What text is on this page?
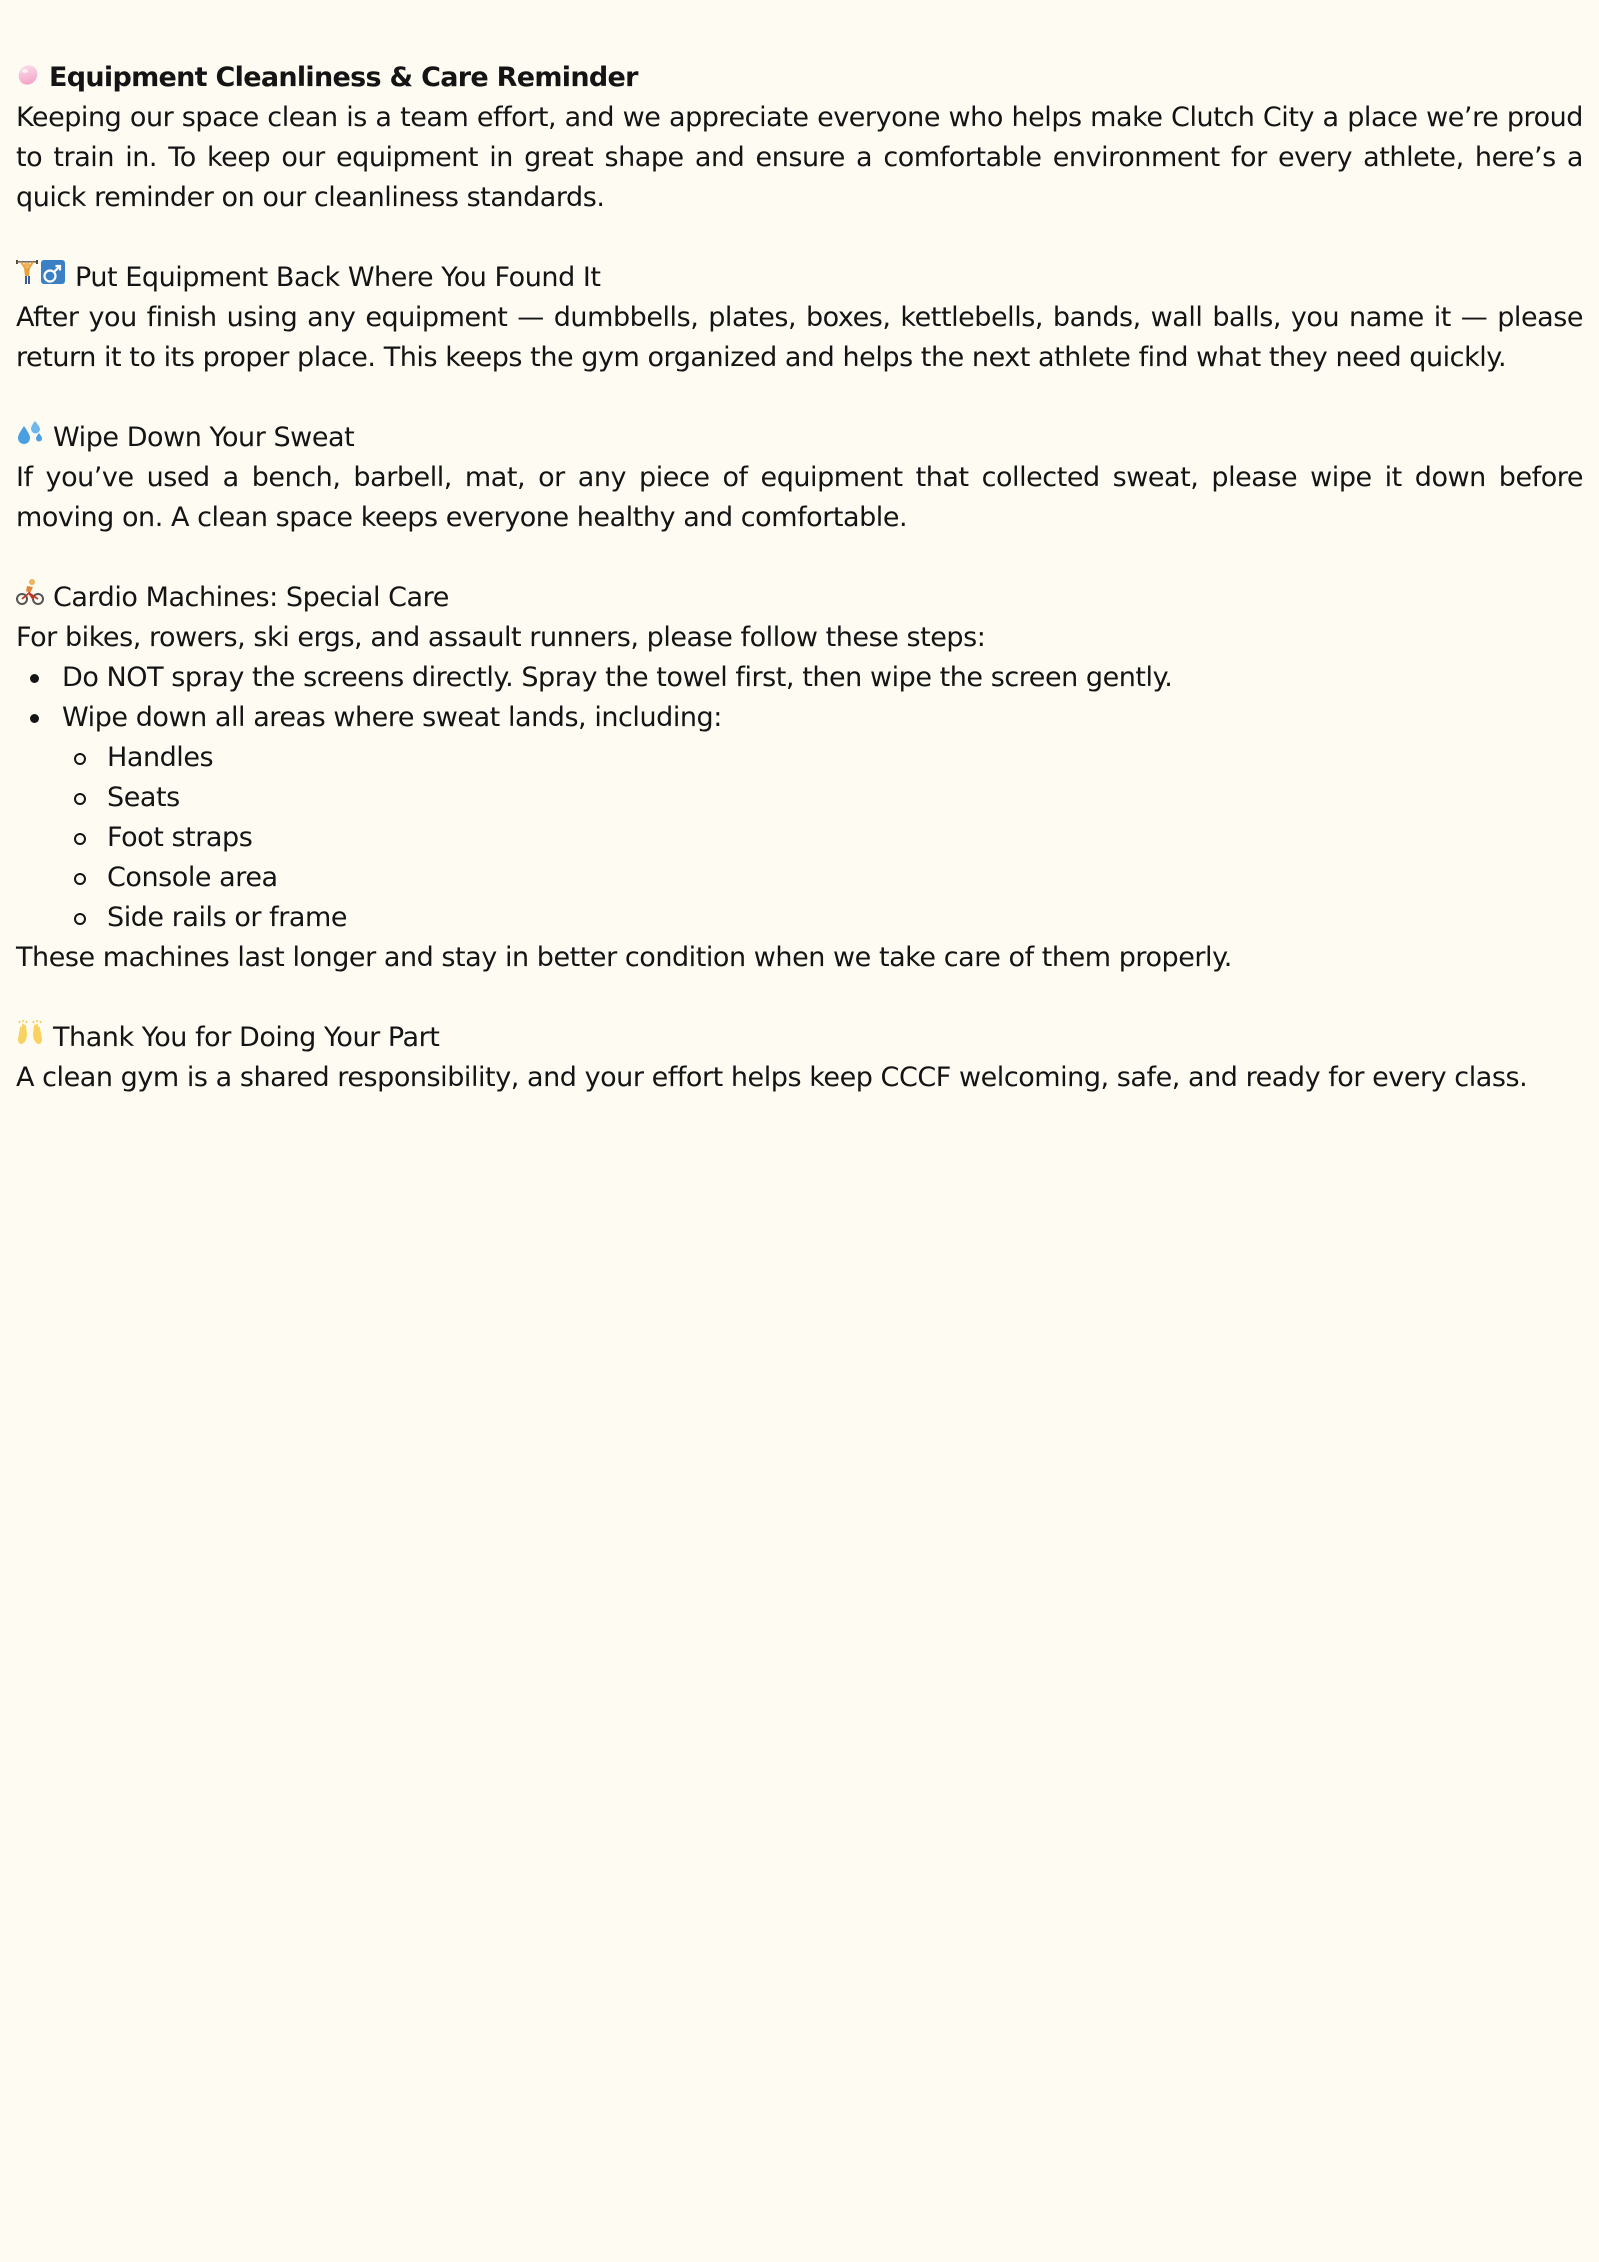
Equipment Cleanliness & Care Reminder

Keeping our space clean is a team effort, and we appreciate everyone who helps make Clutch City a place we’re proud to train in. To keep our equipment in great shape and ensure a comfortable environment for every athlete, here’s a quick reminder on our cleanliness standards.

Put Equipment Back Where You Found It

After you finish using any equipment — dumbbells, plates, boxes, kettlebells, bands, wall balls, you name it — please return it to its proper place. This keeps the gym organized and helps the next athlete find what they need quickly.

Wipe Down Your Sweat

If you’ve used a bench, barbell, mat, or any piece of equipment that collected sweat, please wipe it down before moving on. A clean space keeps everyone healthy and comfortable.

Cardio Machines: Special Care

For bikes, rowers, ski ergs, and assault runners, please follow these steps:

Do NOT spray the screens directly. Spray the towel first, then wipe the screen gently.
Wipe down all areas where sweat lands, including:
Handles
Seats
Foot straps
Console area
Side rails or frame

These machines last longer and stay in better condition when we take care of them properly.

Thank You for Doing Your Part

A clean gym is a shared responsibility, and your effort helps keep CCCF welcoming, safe, and ready for every class.
